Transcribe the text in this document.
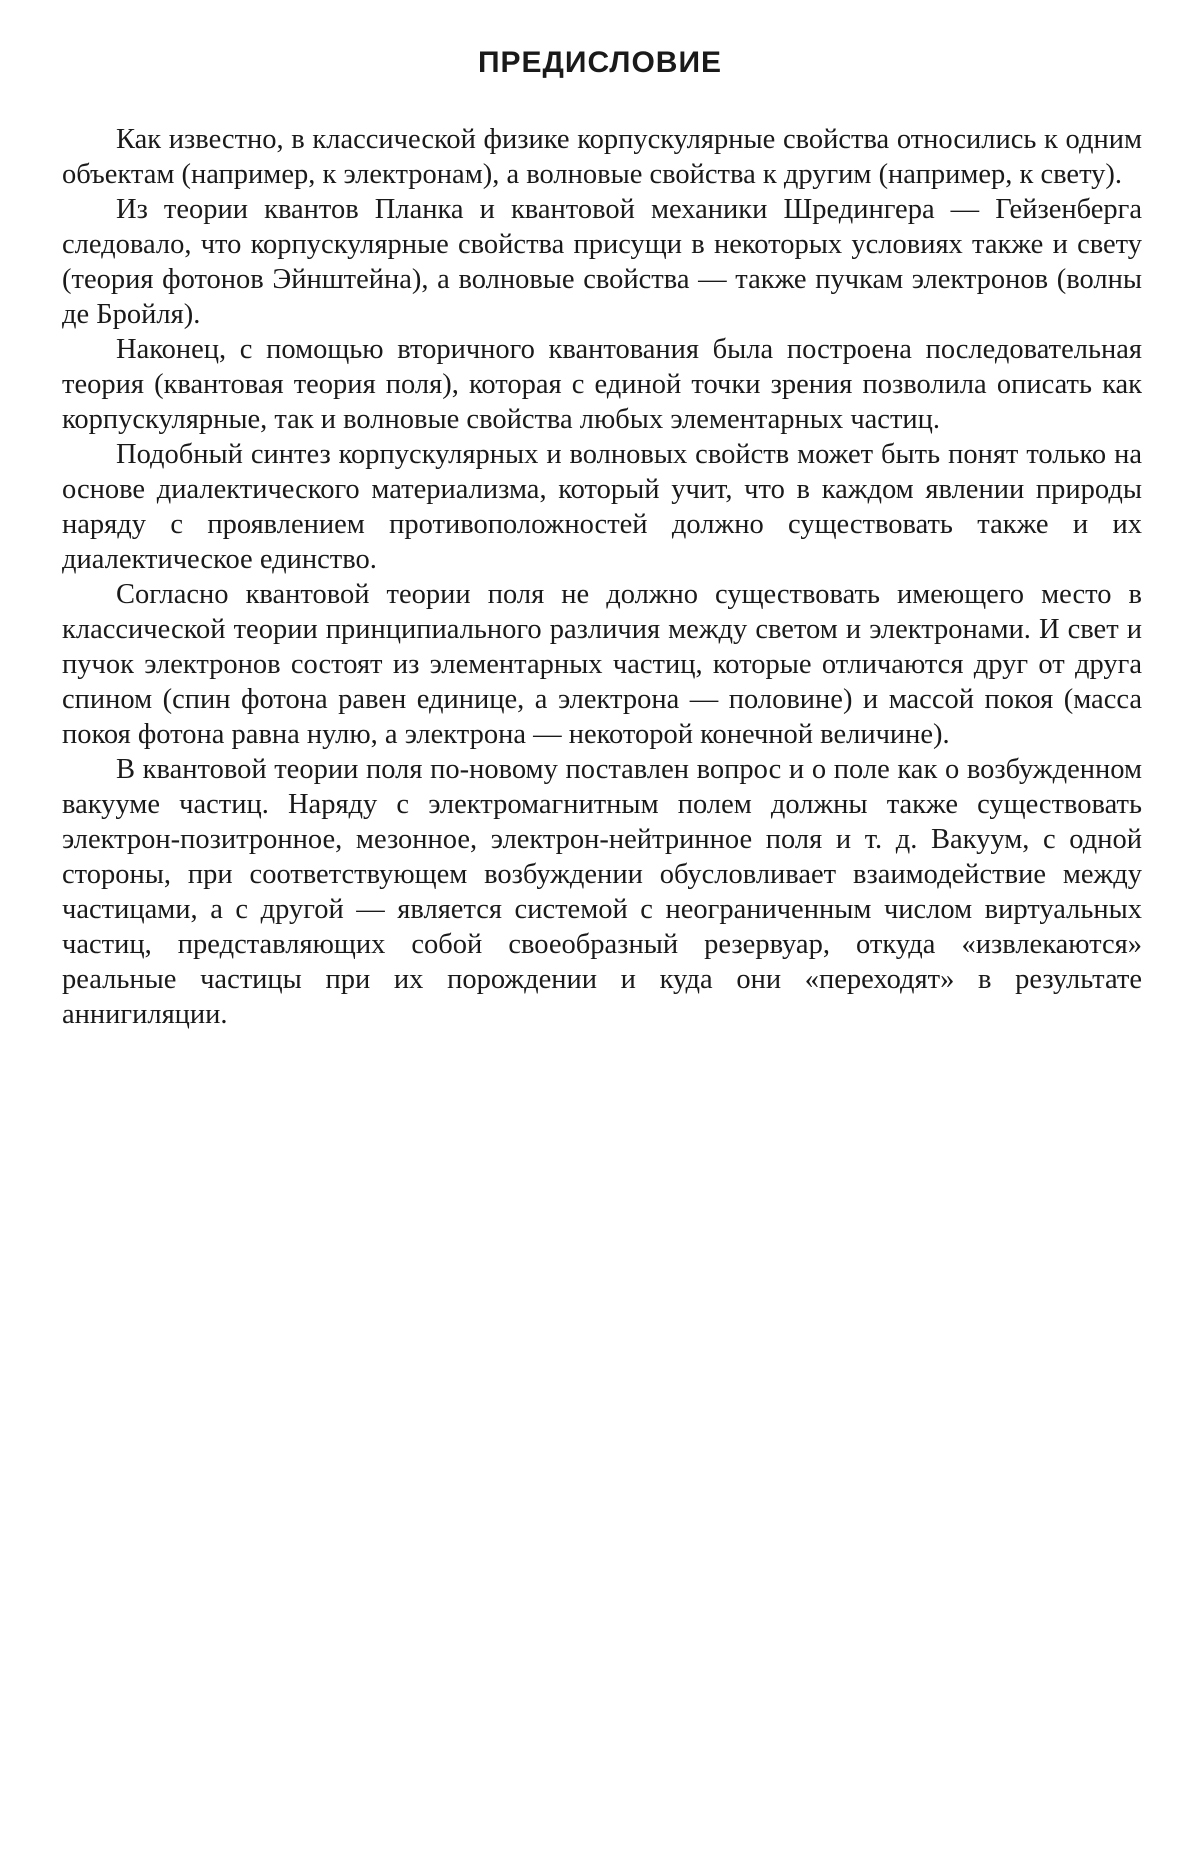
ПРЕДИСЛОВИЕ

Как известно, в классической физике корпускулярные свойства относились к одним объектам (например, к электронам), а волновые свойства к другим (например, к свету).

Из теории квантов Планка и квантовой механики Шредингера — Гейзенберга следовало, что корпускулярные свойства присущи в некоторых условиях также и свету (теория фотонов Эйнштейна), а волновые свойства — также пучкам электронов (волны де Бройля).

Наконец, с помощью вторичного квантования была построена последовательная теория (квантовая теория поля), которая с единой точки зрения позволила описать как корпускулярные, так и волновые свойства любых элементарных частиц.

Подобный синтез корпускулярных и волновых свойств может быть понят только на основе диалектического материализма, который учит, что в каждом явлении природы наряду с проявлением противоположностей должно существовать также и их диалектическое единство.

Согласно квантовой теории поля не должно существовать имеющего место в классической теории принципиального различия между светом и электронами. И свет и пучок электронов состоят из элементарных частиц, которые отличаются друг от друга спином (спин фотона равен единице, а электрона — половине) и массой покоя (масса покоя фотона равна нулю, а электрона — некоторой конечной величине).

В квантовой теории поля по-новому поставлен вопрос и о поле как о возбужденном вакууме частиц. Наряду с электромагнитным полем должны также существовать электрон-позитронное, мезонное, электрон-нейтринное поля и т. д. Вакуум, с одной стороны, при соответствующем возбуждении обусловливает взаимодействие между частицами, а с другой — является системой с неограниченным числом виртуальных частиц, представляющих собой своеобразный резервуар, откуда «извлекаются» реальные частицы при их порождении и куда они «переходят» в результате аннигиляции.
